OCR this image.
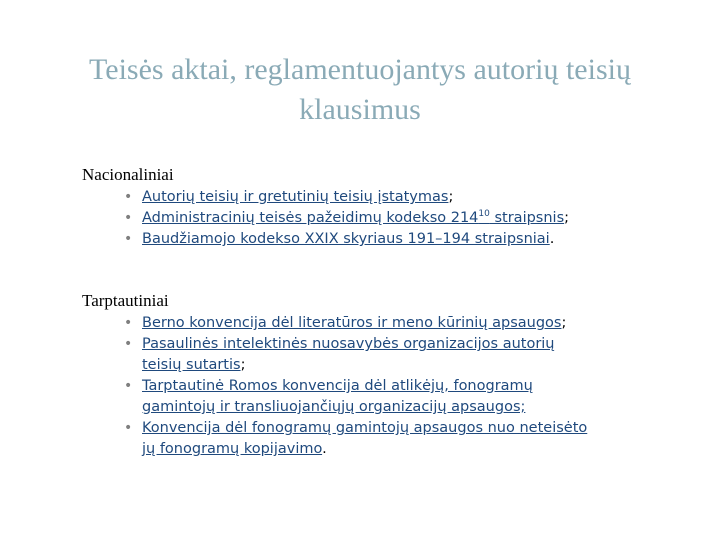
Teisės aktai, reglamentuojantys autorių teisių klausimus
Nacionaliniai
• Autorių teisių ir gretutinių teisių įstatymas;
• Administracinių teisės pažeidimų kodekso $214^{10}$ straipsnis;
• Baudžiamojo kodekso XXIX skyriaus 191–194 straipsniai.
Tarptautiniai
• Berno konvencija dėl literatūros ir meno kūrinių apsaugos;
• Pasaulinės intelektinės nuosavybės organizacijos autorių teisių sutartis;
• Tarptautinė Romos konvencija dėl atlikėjų, fonogramų gamintojų ir transliuojančiųjų organizacijų apsaugos;
• Konvencija dėl fonogramų gamintojų apsaugos nuo neteisėto jų fonogramų kopijavimo.
